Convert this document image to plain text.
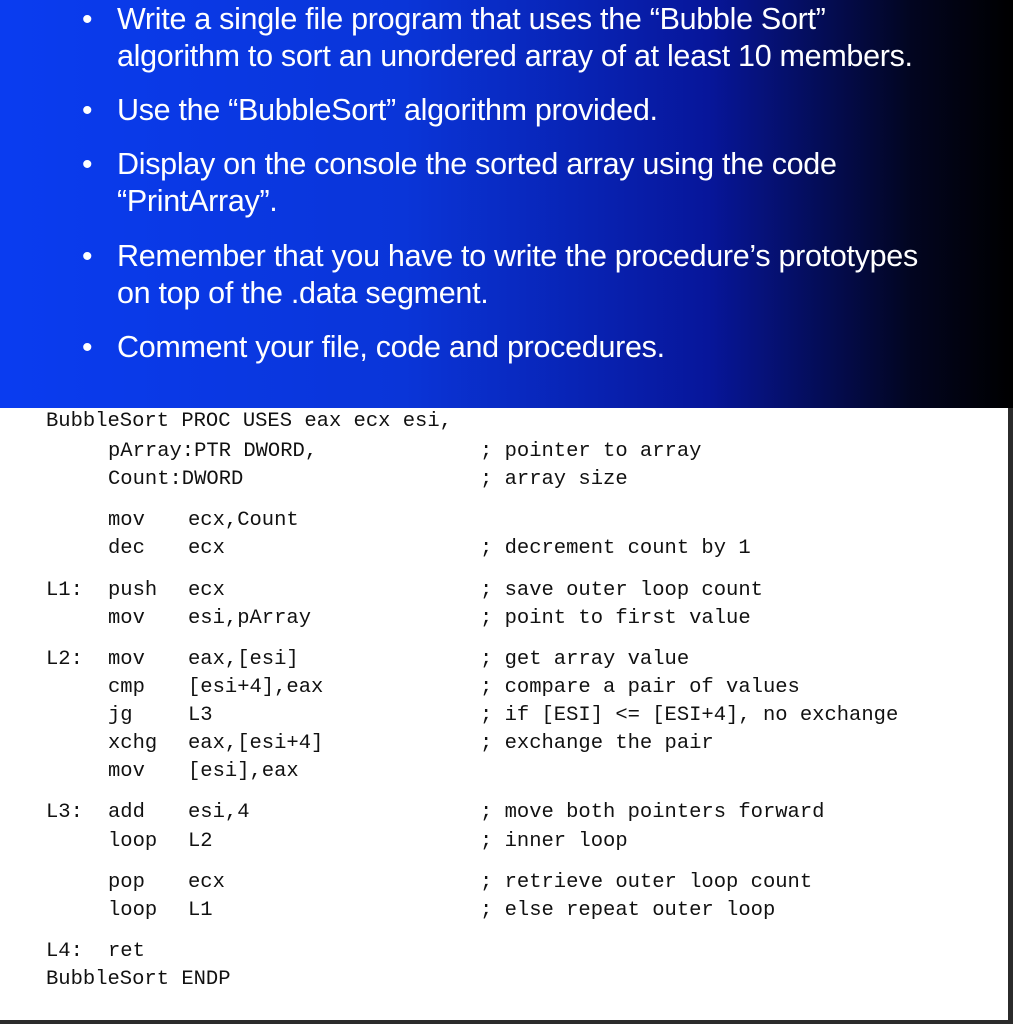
• Write a single file program that uses the “Bubble Sort”
algorithm to sort an unordered array of at least 10 members.
• Use the “BubbleSort” algorithm provided.
• Display on the console the sorted array using the code
“PrintArray”.
• Remember that you have to write the procedure’s prototypes
on top of the .data segment.
• Comment your file, code and procedures.
BubbleSort PROC USES eax ecx esi,
pArray:PTR DWORD,	; pointer to array
Count:DWORD	; array size
mov ecx,Count
dec ecx	; decrement count by 1
L1: push ecx	; save outer loop count
mov esi,pArray	; point to first value
L2: mov eax,[esi]	; get array value
cmp [esi+4],eax	; compare a pair of values
jg	L3	; if [ESI] <= [ESI+4], no exchange
xchg eax,[esi+4]	; exchange the pair
mov [esi],eax
L3: add esi,4	; move both pointers forward
loop L2	; inner loop
pop ecx	; retrieve outer loop count
loop L1	; else repeat outer loop
L4: ret
BubbleSort ENDP
